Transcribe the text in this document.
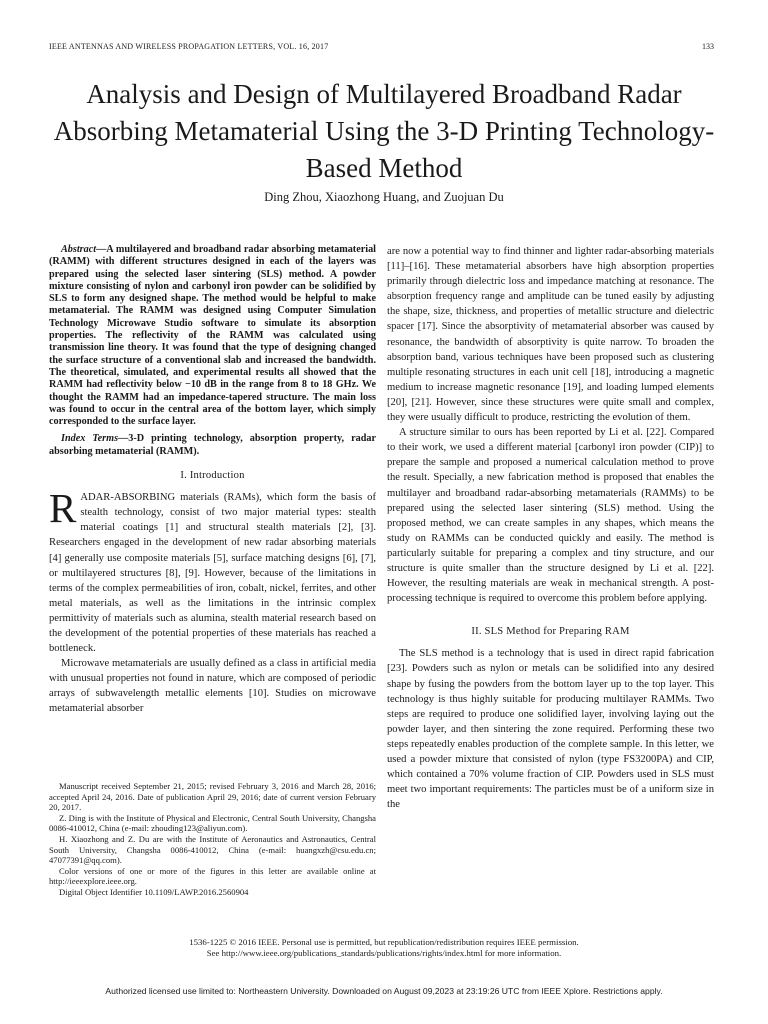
IEEE ANTENNAS AND WIRELESS PROPAGATION LETTERS, VOL. 16, 2017	133
Analysis and Design of Multilayered Broadband Radar Absorbing Metamaterial Using the 3-D Printing Technology-Based Method
Ding Zhou, Xiaozhong Huang, and Zuojuan Du

Abstract—A multilayered and broadband radar absorbing metamaterial (RAMM) with different structures designed in each of the layers was prepared using the selected laser sintering (SLS) method. A powder mixture consisting of nylon and carbonyl iron powder can be solidified by SLS to form any designed shape. The method would be helpful to make metamaterial. The RAMM was designed using Computer Simulation Technology Microwave Studio software to simulate its absorption properties. The reflectivity of the RAMM was calculated using transmission line theory. It was found that the type of designing changed the surface structure of a conventional slab and increased the bandwidth. The theoretical, simulated, and experimental results all showed that the RAMM had reflectivity below −10 dB in the range from 8 to 18 GHz. We thought the RAMM had an impedance-tapered structure. The main loss was found to occur in the central area of the bottom layer, which simply corresponded to the surface layer.

Index Terms—3-D printing technology, absorption property, radar absorbing metamaterial (RAMM).

I. Introduction

RADAR-ABSORBING materials (RAMs), which form the basis of stealth technology, consist of two major material types: stealth material coatings [1] and structural stealth materials [2], [3]. Researchers engaged in the development of new radar absorbing materials [4] generally use composite materials [5], surface matching designs [6], [7], or multilayered structures [8], [9]. However, because of the limitations in terms of the complex permeabilities of iron, cobalt, nickel, ferrites, and other metal materials, as well as the limitations in the intrinsic complex permittivity of materials such as alumina, stealth material research based on the development of the potential properties of these materials has reached a bottleneck.

Microwave metamaterials are usually defined as a class in artificial media with unusual properties not found in nature, which are composed of periodic arrays of subwavelength metallic elements [10]. Studies on microwave metamaterial absorber

Manuscript received September 21, 2015; revised February 3, 2016 and March 28, 2016; accepted April 24, 2016. Date of publication April 29, 2016; date of current version February 20, 2017.

Z. Ding is with the Institute of Physical and Electronic, Central South University, Changsha 0086-410012, China (e-mail: zhouding123@aliyun.com).

H. Xiaozhong and Z. Du are with the Institute of Aeronautics and Astronautics, Central South University, Changsha 0086-410012, China (e-mail: huangxzh@csu.edu.cn; 47077391@qq.com).

Color versions of one or more of the figures in this letter are available online at http://ieeexplore.ieee.org.

Digital Object Identifier 10.1109/LAWP.2016.2560904

are now a potential way to find thinner and lighter radar-absorbing materials [11]–[16]. These metamaterial absorbers have high absorption properties primarily through dielectric loss and impedance matching at resonance. The absorption frequency range and amplitude can be tuned easily by adjusting the shape, size, thickness, and properties of metallic structure and dielectric spacer [17]. Since the absorptivity of metamaterial absorber was caused by resonance, the bandwidth of absorptivity is quite narrow. To broaden the absorption band, various techniques have been proposed such as clustering multiple resonating structures in each unit cell [18], introducing a magnetic medium to increase magnetic resonance [19], and loading lumped elements [20], [21]. However, since these structures were quite small and complex, they were usually difficult to produce, restricting the evolution of them.

A structure similar to ours has been reported by Li et al. [22]. Compared to their work, we used a different material [carbonyl iron powder (CIP)] to prepare the sample and proposed a numerical calculation method to prove the result. Specially, a new fabrication method is proposed that enables the multilayer and broadband radar-absorbing metamaterials (RAMMs) to be prepared using the selected laser sintering (SLS) method. Using the proposed method, we can create samples in any shapes, which means the study on RAMMs can be conducted quickly and easily. The method is particularly suitable for preparing a complex and tiny structure, and our structure is quite smaller than the structure designed by Li et al. [22]. However, the resulting materials are weak in mechanical strength. A post-processing technique is required to overcome this problem before applying.

II. SLS Method for Preparing RAM

The SLS method is a technology that is used in direct rapid fabrication [23]. Powders such as nylon or metals can be solidified into any desired shape by fusing the powders from the bottom layer up to the top layer. This technology is thus highly suitable for producing multilayer RAMMs. Two steps are required to produce one solidified layer, involving laying out the powder layer, and then sintering the zone required. Performing these two steps repeatedly enables production of the complete sample. In this letter, we used a powder mixture that consisted of nylon (type FS3200PA) and CIP, which contained a 70% volume fraction of CIP. Powders used in SLS must meet two important requirements: The particles must be of a uniform size in the

1536-1225 © 2016 IEEE. Personal use is permitted, but republication/redistribution requires IEEE permission.

See http://www.ieee.org/publications_standards/publications/rights/index.html for more information.

Authorized licensed use limited to: Northeastern University. Downloaded on August 09,2023 at 23:19:26 UTC from IEEE Xplore. Restrictions apply.
